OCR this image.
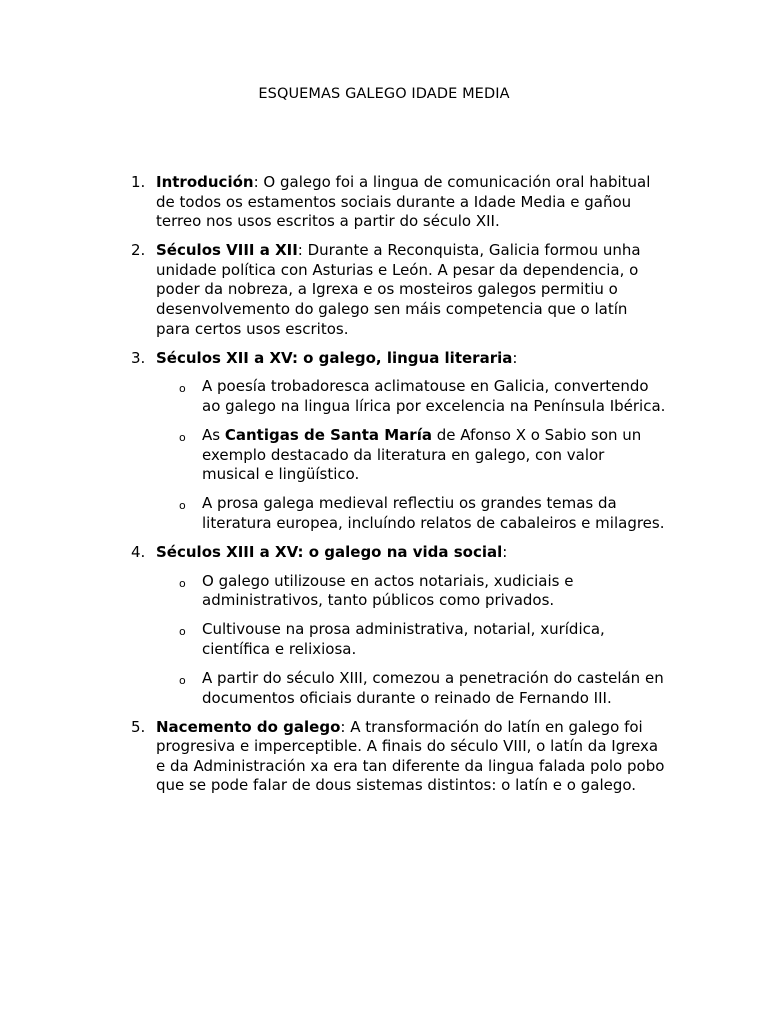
ESQUEMAS GALEGO IDADE MEDIA
1. Introdución: O galego foi a lingua de comunicación oral habitual de todos os estamentos sociais durante a Idade Media e gañou terreo nos usos escritos a partir do século XII.
2. Séculos VIII a XII: Durante a Reconquista, Galicia formou unha unidade política con Asturias e León. A pesar da dependencia, o poder da nobreza, a Igrexa e os mosteiros galegos permitiu o desenvolvemento do galego sen máis competencia que o latín para certos usos escritos.
3. Séculos XII a XV: o galego, lingua literaria:
o A poesía trobadoresca aclimatouse en Galicia, convertendo ao galego na lingua lírica por excelencia na Península Ibérica.
o As Cantigas de Santa María de Afonso X o Sabio son un exemplo destacado da literatura en galego, con valor musical e lingüístico.
o A prosa galega medieval reflectiu os grandes temas da literatura europea, incluíndo relatos de cabaleiros e milagres.
4. Séculos XIII a XV: o galego na vida social:
o O galego utilizouse en actos notariais, xudiciais e administrativos, tanto públicos como privados.
o Cultivouse na prosa administrativa, notarial, xurídica, científica e relixiosa.
o A partir do século XIII, comezou a penetración do castelán en documentos oficiais durante o reinado de Fernando III.
5. Nacemento do galego: A transformación do latín en galego foi progresiva e imperceptible. A finais do século VIII, o latín da Igrexa e da Administración xa era tan diferente da lingua falada polo pobo que se pode falar de dous sistemas distintos: o latín e o galego.
